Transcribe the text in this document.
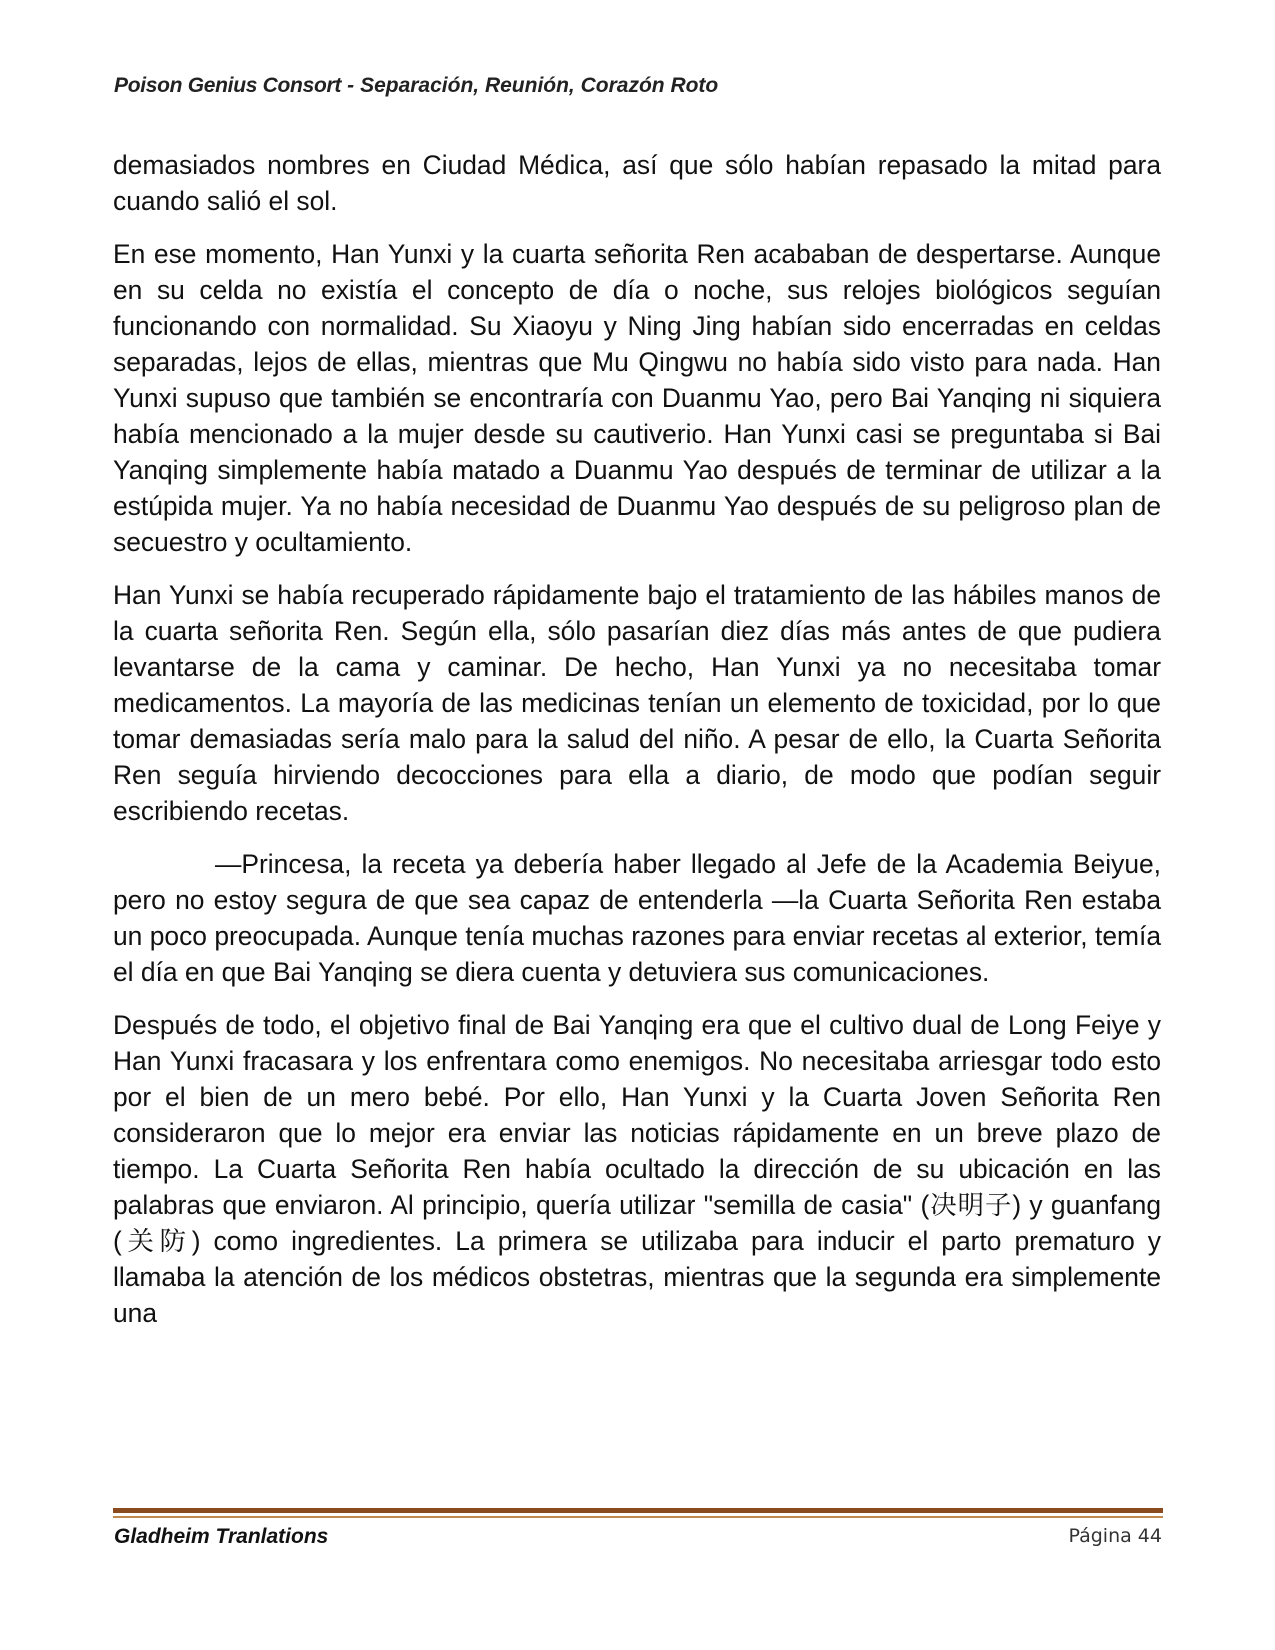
Poison Genius Consort - Separación, Reunión, Corazón Roto

demasiados nombres en Ciudad Médica, así que sólo habían repasado la mitad para cuando salió el sol.

En ese momento, Han Yunxi y la cuarta señorita Ren acababan de despertarse. Aunque en su celda no existía el concepto de día o noche, sus relojes biológicos seguían funcionando con normalidad. Su Xiaoyu y Ning Jing habían sido encerradas en celdas separadas, lejos de ellas, mientras que Mu Qingwu no había sido visto para nada. Han Yunxi supuso que también se encontraría con Duanmu Yao, pero Bai Yanqing ni siquiera había mencionado a la mujer desde su cautiverio. Han Yunxi casi se preguntaba si Bai Yanqing simplemente había matado a Duanmu Yao después de terminar de utilizar a la estúpida mujer. Ya no había necesidad de Duanmu Yao después de su peligroso plan de secuestro y ocultamiento.

Han Yunxi se había recuperado rápidamente bajo el tratamiento de las hábiles manos de la cuarta señorita Ren. Según ella, sólo pasarían diez días más antes de que pudiera levantarse de la cama y caminar. De hecho, Han Yunxi ya no necesitaba tomar medicamentos. La mayoría de las medicinas tenían un elemento de toxicidad, por lo que tomar demasiadas sería malo para la salud del niño. A pesar de ello, la Cuarta Señorita Ren seguía hirviendo decocciones para ella a diario, de modo que podían seguir escribiendo recetas.

—Princesa, la receta ya debería haber llegado al Jefe de la Academia Beiyue, pero no estoy segura de que sea capaz de entenderla —la Cuarta Señorita Ren estaba un poco preocupada. Aunque tenía muchas razones para enviar recetas al exterior, temía el día en que Bai Yanqing se diera cuenta y detuviera sus comunicaciones.

Después de todo, el objetivo final de Bai Yanqing era que el cultivo dual de Long Feiye y Han Yunxi fracasara y los enfrentara como enemigos. No necesitaba arriesgar todo esto por el bien de un mero bebé. Por ello, Han Yunxi y la Cuarta Joven Señorita Ren consideraron que lo mejor era enviar las noticias rápidamente en un breve plazo de tiempo. La Cuarta Señorita Ren había ocultado la dirección de su ubicación en las palabras que enviaron. Al principio, quería utilizar "semilla de casia" (决明子) y guanfang (关防) como ingredientes. La primera se utilizaba para inducir el parto prematuro y llamaba la atención de los médicos obstetras, mientras que la segunda era simplemente una

Gladheim Tranlations	Página 44
